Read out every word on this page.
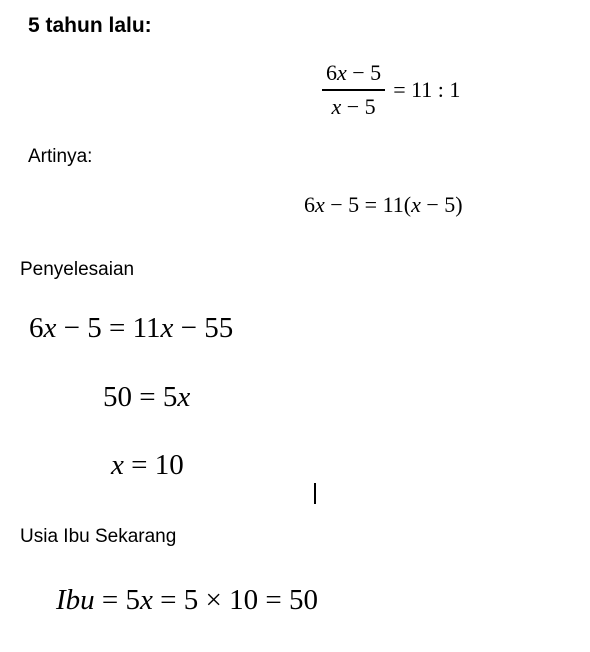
5 tahun lalu:
$\frac{6x - 5}{x - 5} = 11$ : 1
Artinya:
6x − 5 = 11(x − 5)
Penyelesaian
6x − 5 = 11x − 55
50 = 5x
x = 10
Usia Ibu Sekarang
Ibu = 5x = 5 × 10 = 50
